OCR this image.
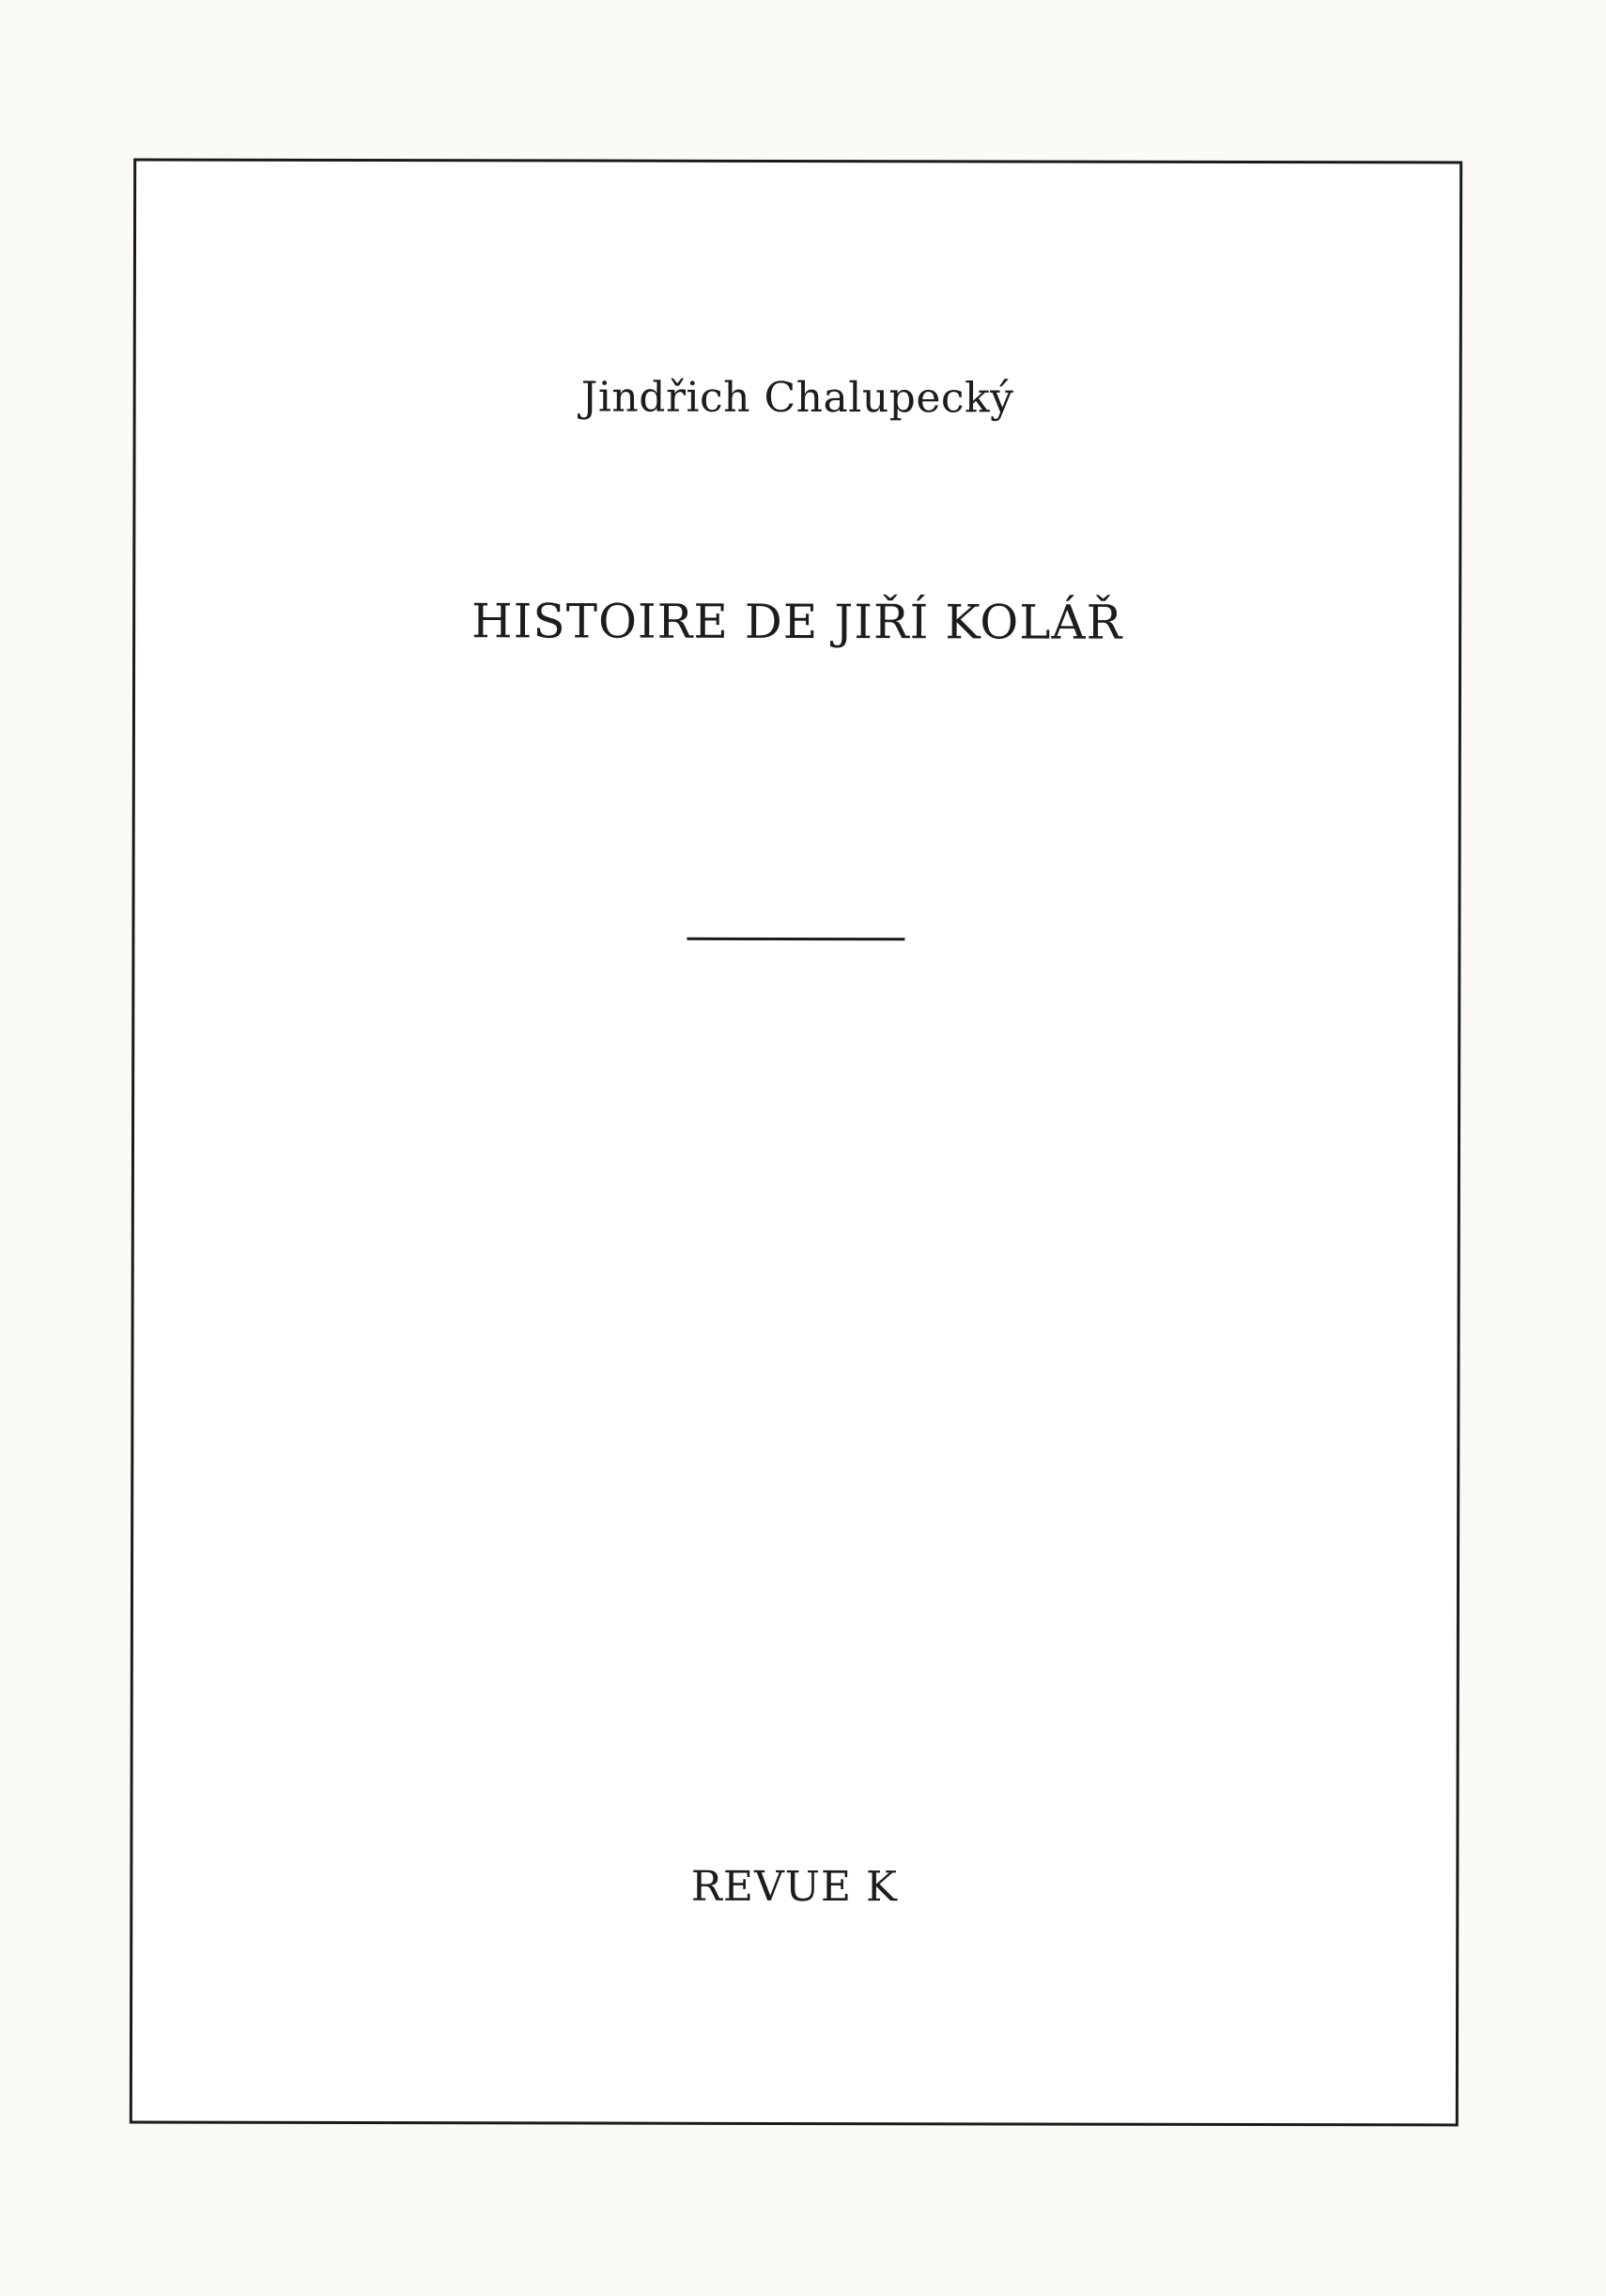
Jindřich Chalupecký
HISTOIRE DE JIŘÍ KOLÁŘ
REVUE K
